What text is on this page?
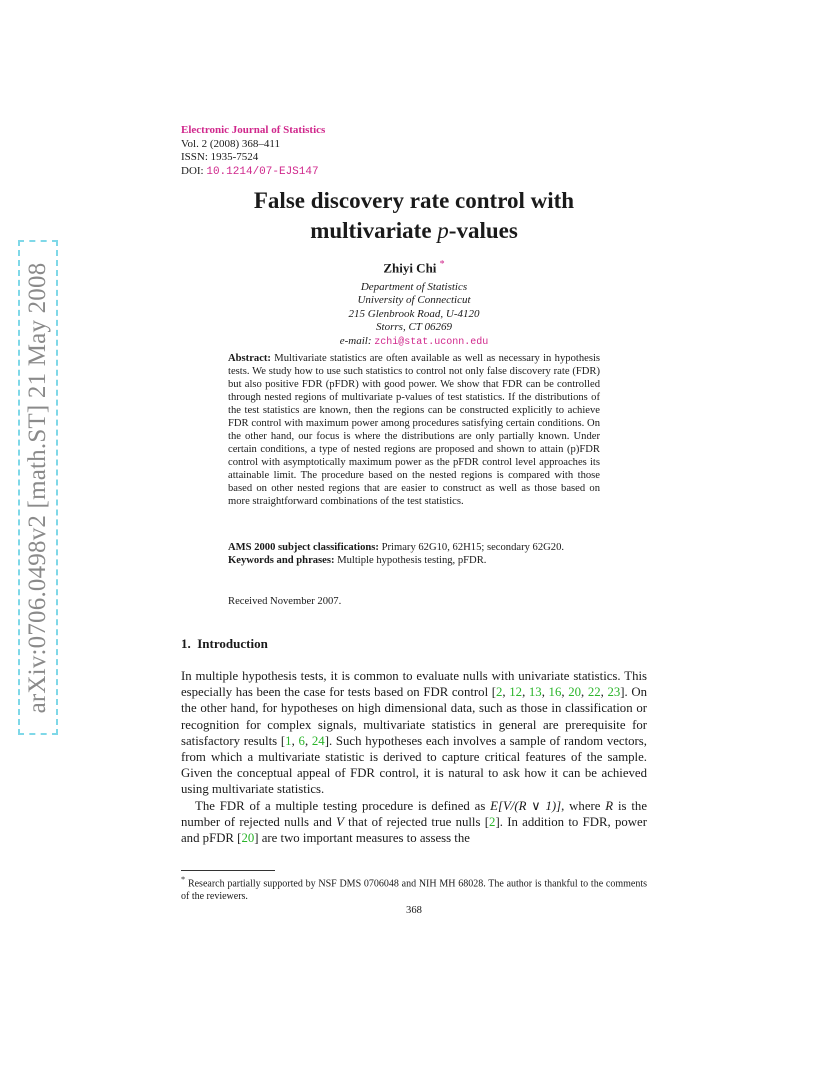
arXiv:0706.0498v2 [math.ST] 21 May 2008
Electronic Journal of Statistics
Vol. 2 (2008) 368–411
ISSN: 1935-7524
DOI: 10.1214/07-EJS147
False discovery rate control with
multivariate p-values
Zhiyi Chi *
Department of Statistics
University of Connecticut
215 Glenbrook Road, U-4120
Storrs, CT 06269
e-mail: zchi@stat.uconn.edu
Abstract: Multivariate statistics are often available as well as necessary in hypothesis tests. We study how to use such statistics to control not only false discovery rate (FDR) but also positive FDR (pFDR) with good power. We show that FDR can be controlled through nested regions of multivariate p-values of test statistics. If the distributions of the test statistics are known, then the regions can be constructed explicitly to achieve FDR control with maximum power among procedures satisfying certain conditions. On the other hand, our focus is where the distributions are only partially known. Under certain conditions, a type of nested regions are proposed and shown to attain (p)FDR control with asymptotically maximum power as the pFDR control level approaches its attainable limit. The procedure based on the nested regions is compared with those based on other nested regions that are easier to construct as well as those based on more straightforward combinations of the test statistics.
AMS 2000 subject classifications: Primary 62G10, 62H15; secondary 62G20.
Keywords and phrases: Multiple hypothesis testing, pFDR.
Received November 2007.
1. Introduction

In multiple hypothesis tests, it is common to evaluate nulls with univariate statistics. This especially has been the case for tests based on FDR control [2, 12, 13, 16, 20, 22, 23]. On the other hand, for hypotheses on high dimensional data, such as those in classification or recognition for complex signals, multivariate statistics in general are prerequisite for satisfactory results [1, 6, 24]. Such hypotheses each involves a sample of random vectors, from which a multivariate statistic is derived to capture critical features of the sample. Given the conceptual appeal of FDR control, it is natural to ask how it can be achieved using multivariate statistics.

The FDR of a multiple testing procedure is defined as E[V/(R ∨ 1)], where R is the number of rejected nulls and V that of rejected true nulls [2]. In addition to FDR, power and pFDR [20] are two important measures to assess the

* Research partially supported by NSF DMS 0706048 and NIH MH 68028. The author is thankful to the comments of the reviewers.
368
